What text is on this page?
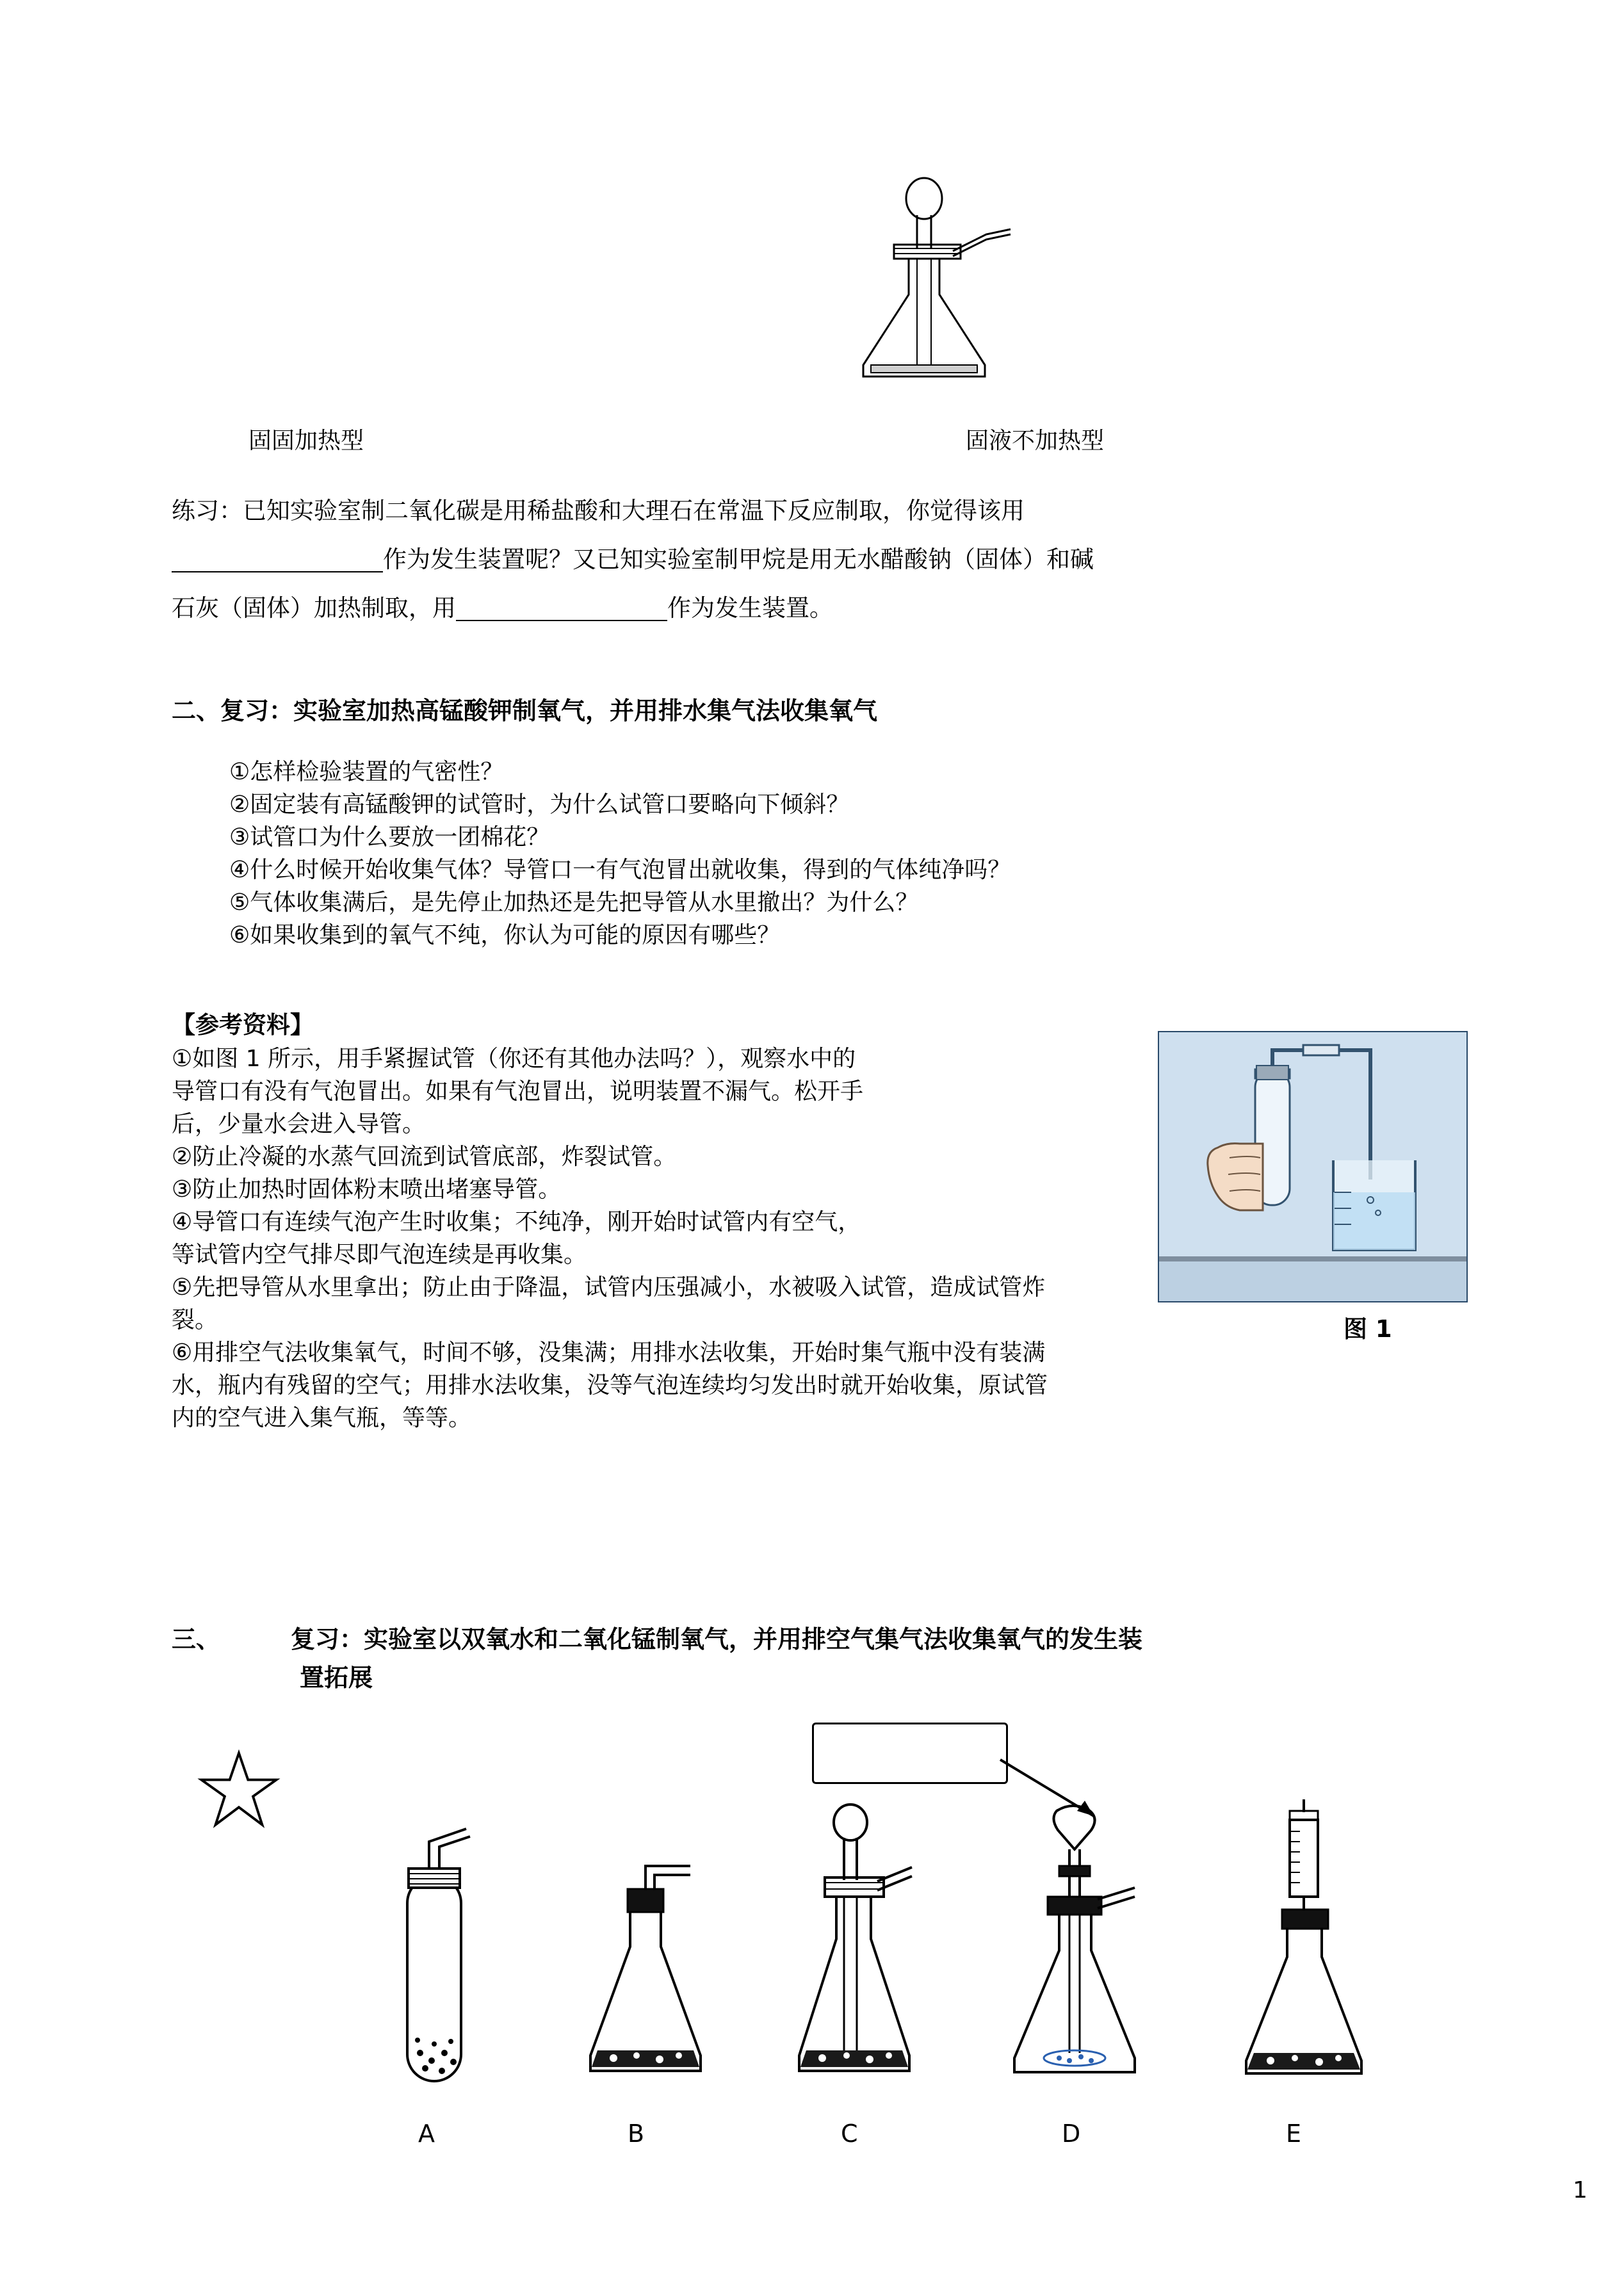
固固加热型	固液不加热型

练习：已知实验室制二氧化碳是用稀盐酸和大理石在常温下反应制取，你觉得该用
作为发生装置呢？又已知实验室制甲烷是用无水醋酸钠（固体）和碱
石灰（固体）加热制取，用	作为发生装置。

二、复习：实验室加热高锰酸钾制氧气，并用排水集气法收集氧气
①怎样检验装置的气密性？
②固定装有高锰酸钾的试管时，为什么试管口要略向下倾斜？
③试管口为什么要放一团棉花？
④什么时候开始收集气体？导管口一有气泡冒出就收集，得到的气体纯净吗？
⑤气体收集满后，是先停止加热还是先把导管从水里撤出？为什么？
⑥如果收集到的氧气不纯，你认为可能的原因有哪些？
【参考资料】

①如图 1 所示，用手紧握试管（你还有其他办法吗？），观察水中的

导管口有没有气泡冒出。如果有气泡冒出，说明装置不漏气。松开手

后，少量水会进入导管。

②防止冷凝的水蒸气回流到试管底部，炸裂试管。

③防止加热时固体粉末喷出堵塞导管。

④导管口有连续气泡产生时收集；不纯净，刚开始时试管内有空气，

等试管内空气排尽即气泡连续是再收集。

⑤先把导管从水里拿出；防止由于降温，试管内压强减小，水被吸入试管，造成试管炸

裂。

⑥用排空气法收集氧气，时间不够，没集满；用排水法收集，开始时集气瓶中没有装满

水，瓶内有残留的空气；用排水法收集，没等气泡连续均匀发出时就开始收集，原试管

内的空气进入集气瓶，等等。

图 1
三、	复习：实验室以双氧水和二氧化锰制氧气，并用排空气集气法收集氧气的发生装
置拓展
A	B	C	D	E
1
